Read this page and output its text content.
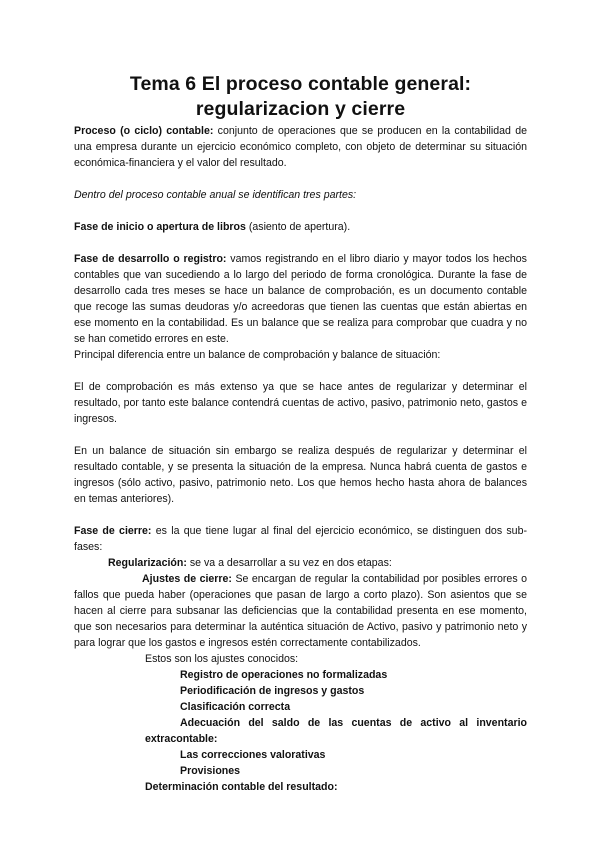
Tema 6 El proceso contable general: regularizacion y cierre

Proceso (o ciclo) contable: conjunto de operaciones que se producen en la contabilidad de una empresa durante un ejercicio económico completo, con objeto de determinar su situación económica-financiera y el valor del resultado.

Dentro del proceso contable anual se identifican tres partes:

Fase de inicio o apertura de libros (asiento de apertura).

Fase de desarrollo o registro: vamos registrando en el libro diario y mayor todos los hechos contables que van sucediendo a lo largo del periodo de forma cronológica. Durante la fase de desarrollo cada tres meses se hace un balance de comprobación, es un documento contable que recoge las sumas deudoras y/o acreedoras que tienen las cuentas que están abiertas en ese momento en la contabilidad. Es un balance que se realiza para comprobar que cuadra y no se han cometido errores en este.

Principal diferencia entre un balance de comprobación y balance de situación:

El de comprobación es más extenso ya que se hace antes de regularizar y determinar el resultado, por tanto este balance contendrá cuentas de activo, pasivo, patrimonio neto, gastos e ingresos.

En un balance de situación sin embargo se realiza después de regularizar y determinar el resultado contable, y se presenta la situación de la empresa. Nunca habrá cuenta de gastos e ingresos (sólo activo, pasivo, patrimonio neto. Los que hemos hecho hasta ahora de balances en temas anteriores).

Fase de cierre: es la que tiene lugar al final del ejercicio económico, se distinguen dos sub-fases:

Regularización: se va a desarrollar a su vez en dos etapas:

Ajustes de cierre: Se encargan de regular la contabilidad por posibles errores o fallos que pueda haber (operaciones que pasan de largo a corto plazo). Son asientos que se hacen al cierre para subsanar las deficiencias que la contabilidad presenta en ese momento, que son necesarios para determinar la auténtica situación de Activo, pasivo y patrimonio neto y para lograr que los gastos e ingresos estén correctamente contabilizados.

Estos son los ajustes conocidos:

Registro de operaciones no formalizadas

Periodificación de ingresos y gastos

Clasificación correcta

Adecuación del saldo de las cuentas de activo al inventario

extracontable:

Las correcciones valorativas

Provisiones

Determinación contable del resultado:
